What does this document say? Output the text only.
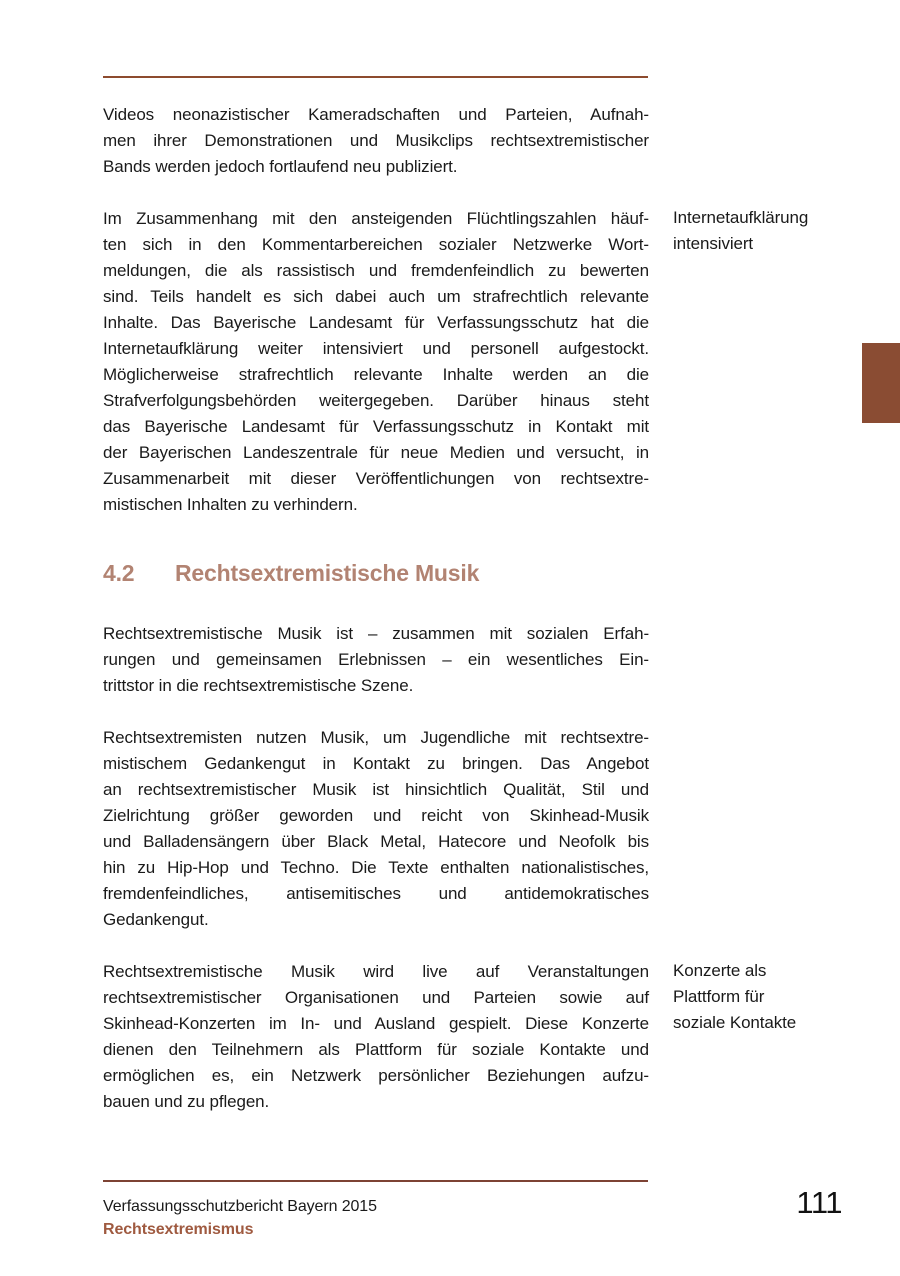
Videos neonazistischer Kameradschaften und Parteien, Aufnah-
men ihrer Demonstrationen und Musikclips rechtsextremistischer
Bands werden jedoch fortlaufend neu publiziert.
Im Zusammenhang mit den ansteigenden Flüchtlingszahlen häuf-
ten sich in den Kommentarbereichen sozialer Netzwerke Wort-
meldungen, die als rassistisch und fremdenfeindlich zu bewerten
sind. Teils handelt es sich dabei auch um strafrechtlich relevante
Inhalte. Das Bayerische Landesamt für Verfassungsschutz hat die
Internetaufklärung weiter intensiviert und personell aufgestockt.
Möglicherweise strafrechtlich relevante Inhalte werden an die
Strafverfolgungsbehörden weitergegeben. Darüber hinaus steht
das Bayerische Landesamt für Verfassungsschutz in Kontakt mit
der Bayerischen Landeszentrale für neue Medien und versucht, in
Zusammenarbeit mit dieser Veröffentlichungen von rechtsextre-
mistischen Inhalten zu verhindern.
4.2 Rechtsextremistische Musik
Rechtsextremistische Musik ist – zusammen mit sozialen Erfah-
rungen und gemeinsamen Erlebnissen – ein wesentliches Ein-
trittstor in die rechtsextremistische Szene.
Rechtsextremisten nutzen Musik, um Jugendliche mit rechtsextre-
mistischem Gedankengut in Kontakt zu bringen. Das Angebot
an rechtsextremistischer Musik ist hinsichtlich Qualität, Stil und
Zielrichtung größer geworden und reicht von Skinhead-Musik
und Balladensängern über Black Metal, Hatecore und Neofolk bis
hin zu Hip-Hop und Techno. Die Texte enthalten nationalistisches,
fremdenfeindliches, antisemitisches und antidemokratisches
Gedankengut.
Rechtsextremistische Musik wird live auf Veranstaltungen
rechtsextremistischer Organisationen und Parteien sowie auf
Skinhead-Konzerten im In- und Ausland gespielt. Diese Konzerte
dienen den Teilnehmern als Plattform für soziale Kontakte und
ermöglichen es, ein Netzwerk persönlicher Beziehungen aufzu-
bauen und zu pflegen.
Internetaufklärung
intensiviert
Konzerte als
Plattform für
soziale Kontakte
Verfassungsschutzbericht Bayern 2015
Rechtsextremismus
111
